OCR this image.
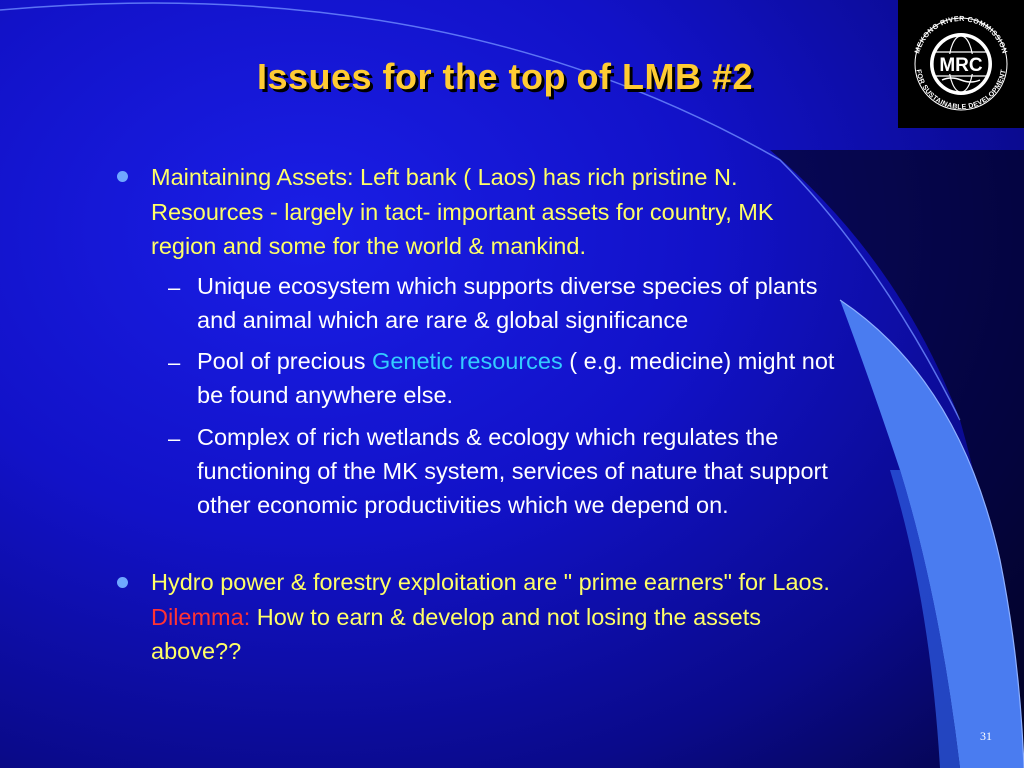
Issues for the top of LMB #2	MRC
MEKONG RIVER COMMISSION
FOR SUSTAINABLE DEVELOPMENT
Maintaining Assets: Left bank ( Laos) has rich pristine N.
Resources - largely in tact- important assets for country, MK
region and some for the world & mankind.
– Unique ecosystem which supports diverse species of plants
and animal which are rare & global significance
– Pool of precious Genetic resources ( e.g. medicine) might not
be found anywhere else.
– Complex of rich wetlands & ecology which regulates the
functioning of the MK system, services of nature that support
other economic productivities which we depend on.
Hydro power & forestry exploitation are " prime earners" for Laos.
Dilemma: How to earn & develop and not losing the assets
above??
31
